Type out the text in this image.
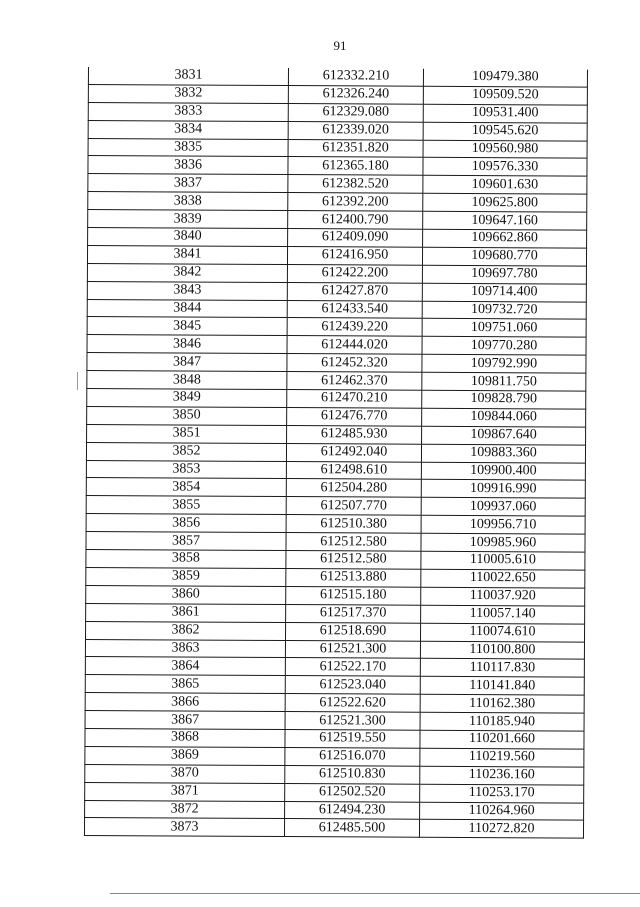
91
3831	612332.210	109479.380
3832	612326.240	109509.520
3833	612329.080	109531.400
3834	612339.020	109545.620
3835	612351.820	109560.980
3836	612365.180	109576.330
3837	612382.520	109601.630
3838	612392.200	109625.800
3839	612400.790	109647.160
3840	612409.090	109662.860
3841	612416.950	109680.770
3842	612422.200	109697.780
3843	612427.870	109714.400
3844	612433.540	109732.720
3845	612439.220	109751.060
3846	612444.020	109770.280
3847	612452.320	109792.990
3848	612462.370	109811.750
3849	612470.210	109828.790
3850	612476.770	109844.060
3851	612485.930	109867.640
3852	612492.040	109883.360
3853	612498.610	109900.400
3854	612504.280	109916.990
3855	612507.770	109937.060
3856	612510.380	109956.710
3857	612512.580	109985.960
3858	612512.580	110005.610
3859	612513.880	110022.650
3860	612515.180	110037.920
3861	612517.370	110057.140
3862	612518.690	110074.610
3863	612521.300	110100.800
3864	612522.170	110117.830
3865	612523.040	110141.840
3866	612522.620	110162.380
3867	612521.300	110185.940
3868	612519.550	110201.660
3869	612516.070	110219.560
3870	612510.830	110236.160
3871	612502.520	110253.170
3872	612494.230	110264.960
3873	612485.500	110272.820
